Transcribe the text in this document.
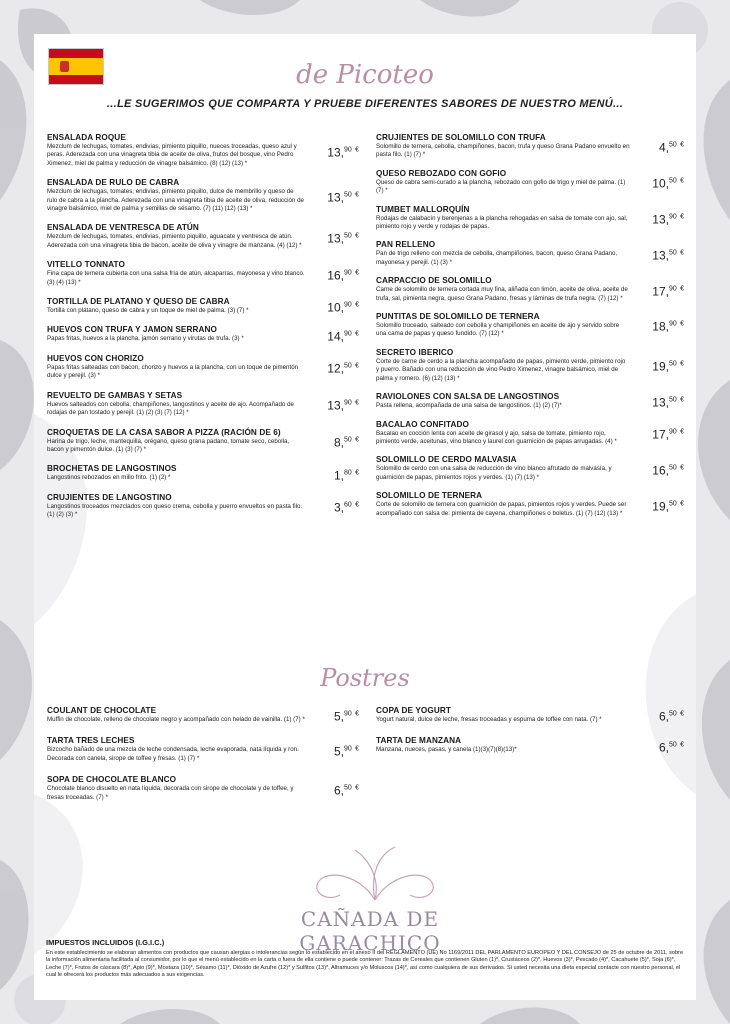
de Picoteo
...LE SUGERIMOS QUE COMPARTA Y PRUEBE DIFERENTES SABORES DE NUESTRO MENÚ...
ENSALADA ROQUE
Mezclum de lechugas, tomates, endivias, pimiento piquillo, nueces troceadas, queso azul y peras. Aderezada con una vinagreta tibia de aceite de oliva, frutos del bosque, vino Pedro Ximenez, miel de palma y reducción de vinagre balsámico. (8) (12) (13) *
13,90 €
ENSALADA DE RULO DE CABRA
Mezclum de lechugas, tomates, endivias, pimiento piquillo, dulce de membrillo y queso de rulo de cabra a la plancha. Aderezada con una vinagreta tibia de aceite de oliva, reducción de vinagre balsámico, miel de palma y semillas de sésamo. (7) (11) (12) (13) *
13,50 €
ENSALADA DE VENTRESCA DE ATÚN
Mezclum de lechugas, tomates, endivias, pimiento piquillo, aguacate y ventresca de atún. Aderezada con una vinagreta tibia de bacon, aceite de oliva y vinagre de manzana. (4) (12) *
13,50 €
VITELLO TONNATO
Fina capa de ternera cubierta con una salsa fría de atún, alcaparras, mayonesa y vino blanco. (3) (4) (13) *
16,90 €
TORTILLA DE PLATANO Y QUESO DE CABRA
Tortilla con plátano, queso de cabra y un toque de miel de palma. (3) (7) *	10,90 €
HUEVOS CON TRUFA Y JAMON SERRANO
Papas fritas, huevos a la plancha, jamón serrano y virutas de trufa. (3) *	14,90 €
HUEVOS CON CHORIZO
Papas fritas salteadas con bacon, chorizo y huevos a la plancha, con un toque de pimentón dulce y perejil. (3) *
12,50 €
REVUELTO DE GAMBAS Y SETAS
Huevos salteados con cebolla, champiñones, langostinos y aceite de ajo. Acompañado de rodajas de pan tostado y perejil. (1) (2) (3) (7) (12) *
13,90 €
CROQUETAS DE LA CASA SABOR A PIZZA (RACIÓN DE 6)
Harina de trigo, leche, mantequilla, orégano, queso grana padano, tomate seco, cebolla, bacon y pimentón dulce. (1) (3) (7) *
8,50 €
BROCHETAS DE LANGOSTINOS
Langostinos rebozados en millo frito. (1) (2) *	1,80 €
CRUJIENTES DE LANGOSTINO
Langostinos troceados mezclados con queso crema, cebolla y puerro envueltos en pasta filo. (1) (2) (3) *
3,60 €
CRUJIENTES DE SOLOMILLO CON TRUFA
Solomillo de ternera, cebolla, champiñones, bacon, trufa y queso Grana Padano envuelto en pasta filo. (1) (7) *
4,50 €
QUESO REBOZADO CON GOFIO
Queso de cabra semi-curado a la plancha, rebozado con gofio de trigo y miel de palma. (1) (7) *
10,50 €
TUMBET MALLORQUÍN
Rodajas de calabacín y berenjenas a la plancha rehogadas en salsa de tomate con ajo, sal, pimiento rojo y verde y rodajas de papas.
13,90 €
PAN RELLENO
Pan de trigo relleno con mezcla de cebolla, champiñones, bacon, queso Grana Padano, mayonesa y perejil. (1) (3) *
13,50 €
CARPACCIO DE SOLOMILLO
Carne de solomillo de ternera cortada muy fina, aliñada con limón, aceite de oliva, aceite de trufa, sal, pimienta negra, queso Grana Padano, fresas y láminas de trufa negra. (7) (12) *
17,90 €
PUNTITAS DE SOLOMILLO DE TERNERA
Solomillo troceado, salteado con cebolla y champiñones en aceite de ajo y servido sobre una cama de papas y queso fundido. (7) (12) *
18,90 €
SECRETO IBERICO
Corte de carne de cerdo a la plancha acompañado de papas, pimiento verde, pimiento rojo y puerro. Bañado con una reducción de vino Pedro Ximenez, vinagre balsámico, miel de palma y romero. (6) (12) (13) *
19,50 €
RAVIOLONES CON SALSA DE LANGOSTINOS
Pasta rellena, acompañada de una salsa de langostinos. (1) (2) (7)*	13,50 €
BACALAO CONFITADO
Bacalao en cocción lenta con aceite de girasol y ajo, salsa de tomate, pimiento rojo, pimiento verde, aceitunas, vino blanco y laurel con guarnición de papas arrugadas. (4) *
17,90 €
SOLOMILLO DE CERDO MALVASIA
Solomillo de cerdo con una salsa de reducción de vino blanco afrutado de malvasía, y guarnición de papas, pimientos rojos y verdes. (1) (7) (13) *
16,50 €
SOLOMILLO DE TERNERA
Corte de solomillo de ternera con guarnición de papas, pimientos rojos y verdes. Puede ser acompañado con salsa de: pimienta de cayena, champiñones o boletus. (1) (7) (12) (13) *
19,50 €
Postres
COULANT DE CHOCOLATE
Muffin de chocolate, relleno de chocolate negro y acompañado con helado de vainilla. (1) (7) * 5,90 €
TARTA TRES LECHES
Bizcocho bañado de una mezcla de leche condensada, leche evaporada, nata líquida y ron. Decorada con canela, sirope de toffee y fresas. (1) (7) *
5,90 €
SOPA DE CHOCOLATE BLANCO
Chocolate blanco disuelto en nata líquida, decorada con sirope de chocolate y de toffee, y fresas troceadas. (7) *
6,50 €
COPA DE YOGURT
Yogurt natural, dulce de leche, fresas troceadas y espuma de toffee con nata. (7) *	6,50 €
TARTA DE MANZANA
Manzana, nueces, pasas, y canela (1)(3)(7)(8)(13)*	6,50 €
CAÑADA DE GARACHICO
IMPUESTOS INCLUIDOS (I.G.I.C.)
En este establecimiento se elaboran alimentos con productos que causan alergias o intolerancias según lo establecido en el anexo II del REGLAMENTO (UE) No 1169/2011 DEL PARLAMENTO EUROPEO Y DEL CONSEJO de 25 de octubre de 2011, sobre la información alimentaria facilitada al consumidor, por lo que el menú establecido en la carta o fuera de ella contiene o puede contener: Trazas de Cereales que contienen Gluten (1)*, Crustáceos (2)*, Huevos (3)*, Pescado (4)*, Cacahuete (5)*, Soja (6)*, Leche (7)*, Frutos de cáscara (8)*, Apio (9)*, Mostaza (10)*, Sésamo (11)*, Dióxido de Azufre (12)* y Sulfitos (13)*, Altramuces y/o Moluscos (14)*, así como cualquiera de sus derivados. Si usted necesita una dieta especial contacte con nuestro personal, el cual le ofrecerá los productos más adecuados a sus exigencias.
